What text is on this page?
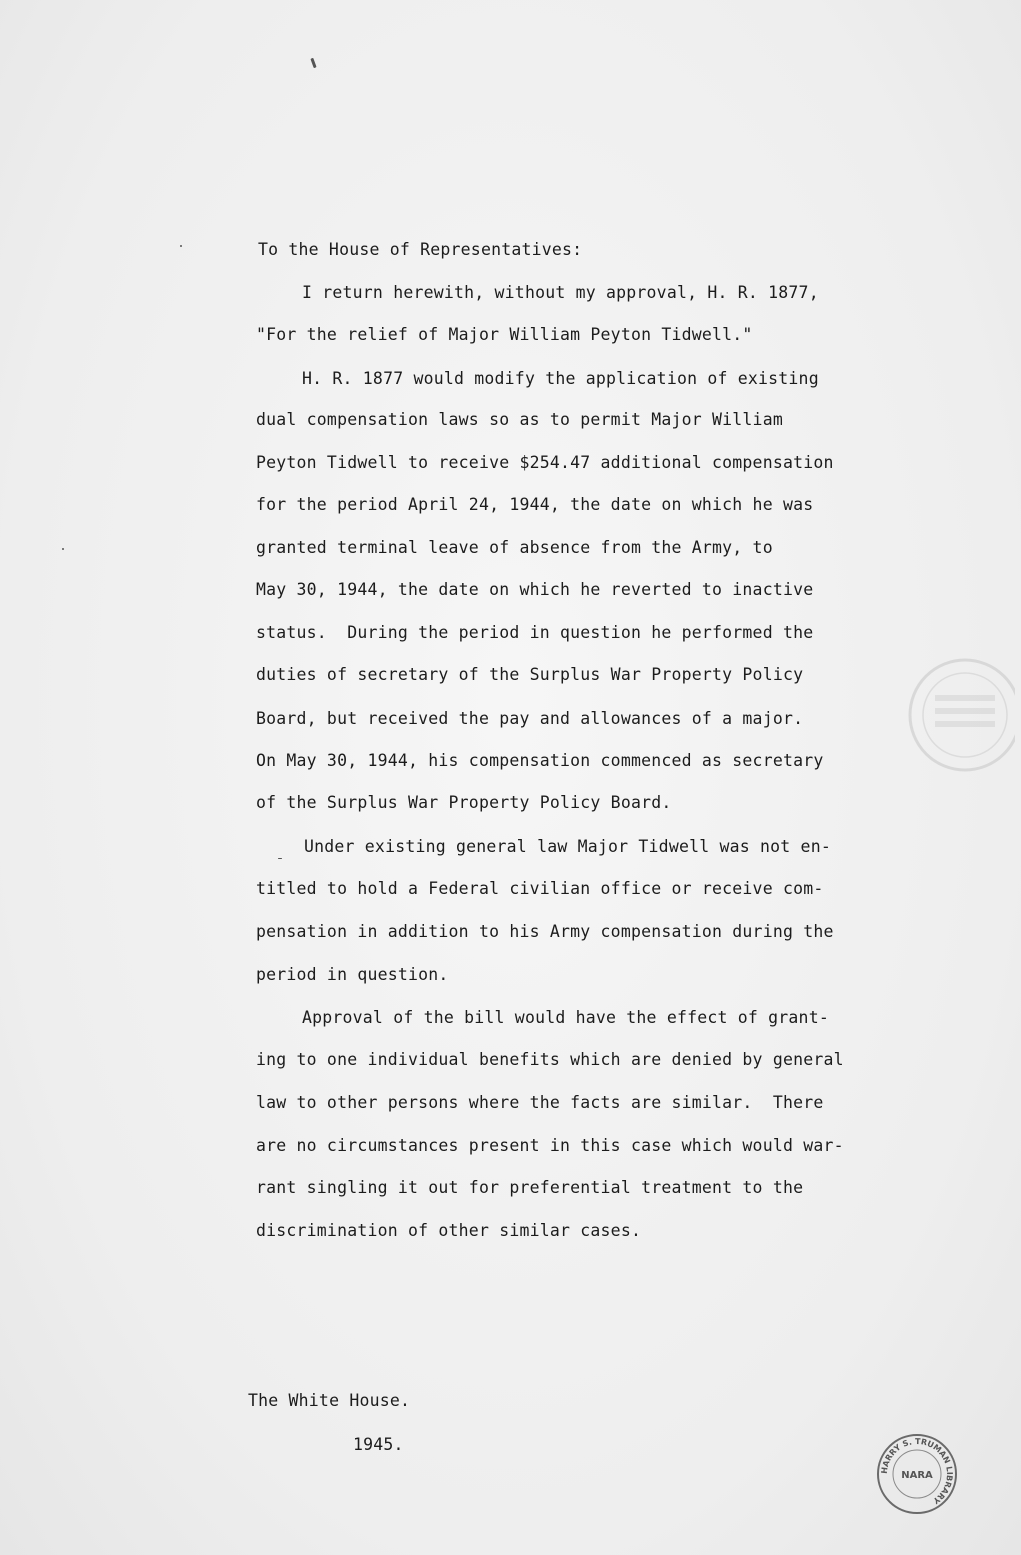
To the House of Representatives:
I return herewith, without my approval, H. R. 1877,
"For the relief of Major William Peyton Tidwell."
H. R. 1877 would modify the application of existing
dual compensation laws so as to permit Major William
Peyton Tidwell to receive $254.47 additional compensation
for the period April 24, 1944, the date on which he was
granted terminal leave of absence from the Army, to
May 30, 1944, the date on which he reverted to inactive
status.  During the period in question he performed the
duties of secretary of the Surplus War Property Policy
Board, but received the pay and allowances of a major.
On May 30, 1944, his compensation commenced as secretary
of the Surplus War Property Policy Board.
Under existing general law Major Tidwell was not en-
titled to hold a Federal civilian office or receive com-
pensation in addition to his Army compensation during the
period in question.
Approval of the bill would have the effect of grant-
ing to one individual benefits which are denied by general
law to other persons where the facts are similar.  There
are no circumstances present in this case which would war-
rant singling it out for preferential treatment to the
discrimination of other similar cases.
The White House.
1945.
HARRY S. TRUMAN LIBRARY
NARA
